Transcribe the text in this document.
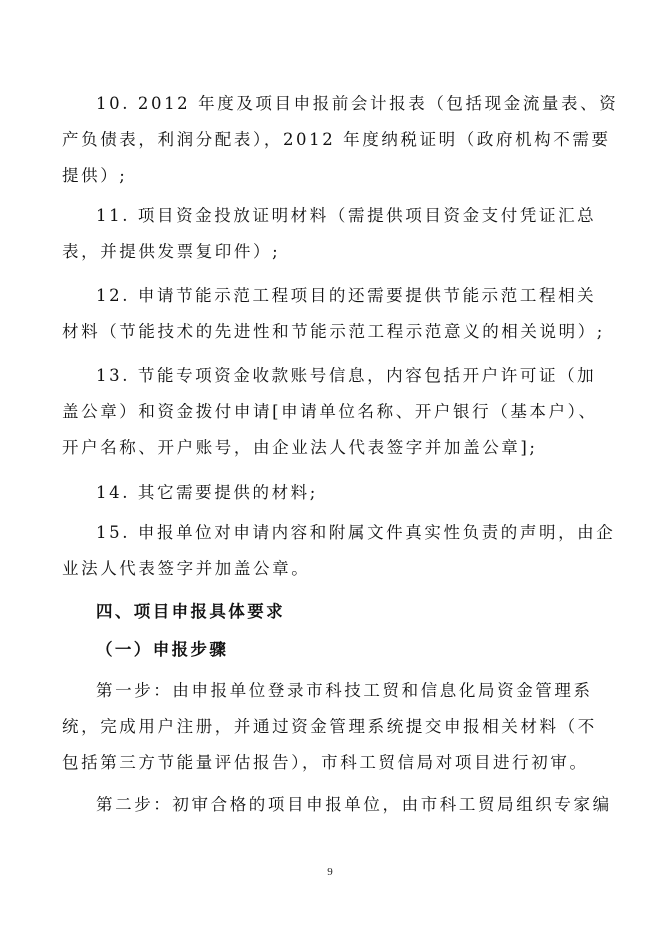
10. 2012 年度及项目申报前会计报表（包括现金流量表、资
产负债表，利润分配表），2012 年度纳税证明（政府机构不需要
提供）;
11. 项目资金投放证明材料（需提供项目资金支付凭证汇总
表，并提供发票复印件）;
12. 申请节能示范工程项目的还需要提供节能示范工程相关
材料（节能技术的先进性和节能示范工程示范意义的相关说明）;
13. 节能专项资金收款账号信息，内容包括开户许可证（加
盖公章）和资金拨付申请[申请单位名称、开户银行（基本户）、
开户名称、开户账号，由企业法人代表签字并加盖公章];
14. 其它需要提供的材料;
15. 申报单位对申请内容和附属文件真实性负责的声明，由企
业法人代表签字并加盖公章。
四、项目申报具体要求
（一）申报步骤
第一步：由申报单位登录市科技工贸和信息化局资金管理系
统，完成用户注册，并通过资金管理系统提交申报相关材料（不
包括第三方节能量评估报告），市科工贸信局对项目进行初审。
第二步：初审合格的项目申报单位，由市科工贸局组织专家编
9
